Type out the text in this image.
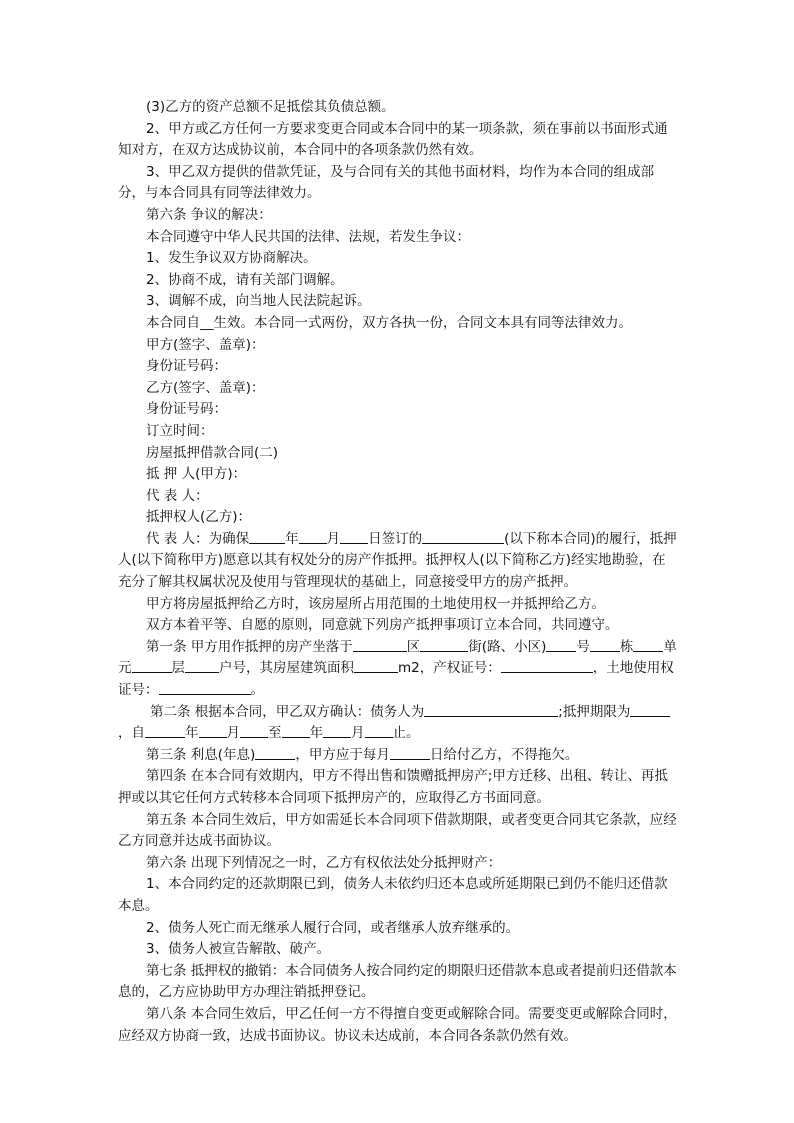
(3)乙方的资产总额不足抵偿其负债总额。

2、甲方或乙方任何一方要求变更合同或本合同中的某一项条款，须在事前以书面形式通知对方，在双方达成协议前，本合同中的各项条款仍然有效。

3、甲乙双方提供的借款凭证，及与合同有关的其他书面材料，均作为本合同的组成部分，与本合同具有同等法律效力。

第六条 争议的解决：

本合同遵守中华人民共国的法律、法规，若发生争议：

1、发生争议双方协商解决。

2、协商不成，请有关部门调解。

3、调解不成，向当地人民法院起诉。

本合同自__生效。本合同一式两份，双方各执一份，合同文本具有同等法律效力。

甲方(签字、盖章)：

身份证号码：

乙方(签字、盖章)：

身份证号码：

订立时间：

房屋抵押借款合同(二)

抵 押 人(甲方)：

代 表 人：

抵押权人(乙方)：

代 表 人：为确保	年 月 日签订的	(以下称本合同)的履行，抵押人(以下简称甲方)愿意以其有权处分的房产作抵押。抵押权人(以下简称乙方)经实地勘验，在充分了解其权属状况及使用与管理现状的基础上，同意接受甲方的房产抵押。

甲方将房屋抵押给乙方时，该房屋所占用范围的土地使用权一并抵押给乙方。

双方本着平等、自愿的原则，同意就下列房产抵押事项订立本合同，共同遵守。

第一条 甲方用作抵押的房产坐落于	区	街(路、小区) 号 栋 单元	层	户号，其房屋建筑面积	m2，产权证号：	，土地使用权证号：	。

第二条 根据本合同，甲乙双方确认：债务人为	;抵押期限为，自	年 月 至 年 月 止。

第三条 利息(年息)	，甲方应于每月	日给付乙方，不得拖欠。

第四条 在本合同有效期内，甲方不得出售和馈赠抵押房产;甲方迁移、出租、转让、再抵押或以其它任何方式转移本合同项下抵押房产的，应取得乙方书面同意。

第五条 本合同生效后，甲方如需延长本合同项下借款期限，或者变更合同其它条款，应经乙方同意并达成书面协议。

第六条 出现下列情况之一时，乙方有权依法处分抵押财产：

1、本合同约定的还款期限已到，债务人未依约归还本息或所延期限已到仍不能归还借款本息。

2、债务人死亡而无继承人履行合同，或者继承人放弃继承的。

3、债务人被宣告解散、破产。

第七条 抵押权的撤销：本合同债务人按合同约定的期限归还借款本息或者提前归还借款本息的，乙方应协助甲方办理注销抵押登记。

第八条 本合同生效后，甲乙任何一方不得擅自变更或解除合同。需要变更或解除合同时，应经双方协商一致，达成书面协议。协议未达成前，本合同各条款仍然有效。
